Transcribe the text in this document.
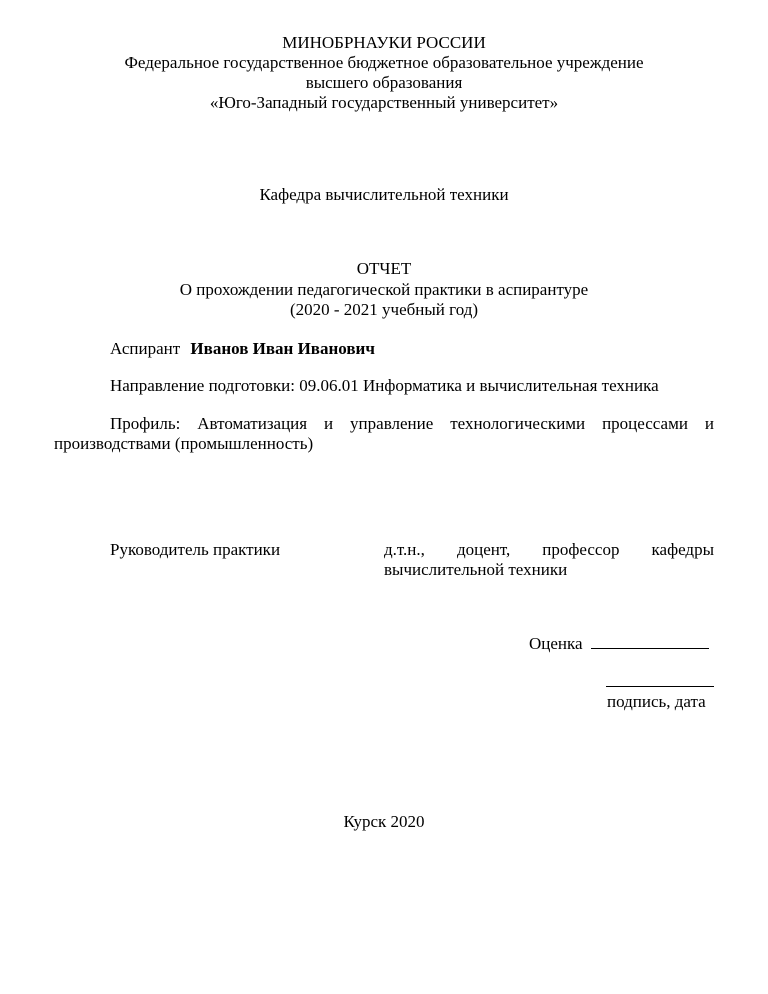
МИНОБРНАУКИ РОССИИ
Федеральное государственное бюджетное образовательное учреждение
высшего образования
«Юго-Западный государственный университет»
Кафедра вычислительной техники
ОТЧЕТ
О прохождении педагогической практики в аспирантуре
(2020 - 2021 учебный год)
Аспирант Иванов Иван Иванович
Направление подготовки: 09.06.01 Информатика и вычислительная техника
Профиль: Автоматизация и управление технологическими процессами и
производствами (промышленность)
Руководитель практики	д.т.н., доцент, профессор кафедры
вычислительной техники
Оценка
подпись, дата
Курск 2020
